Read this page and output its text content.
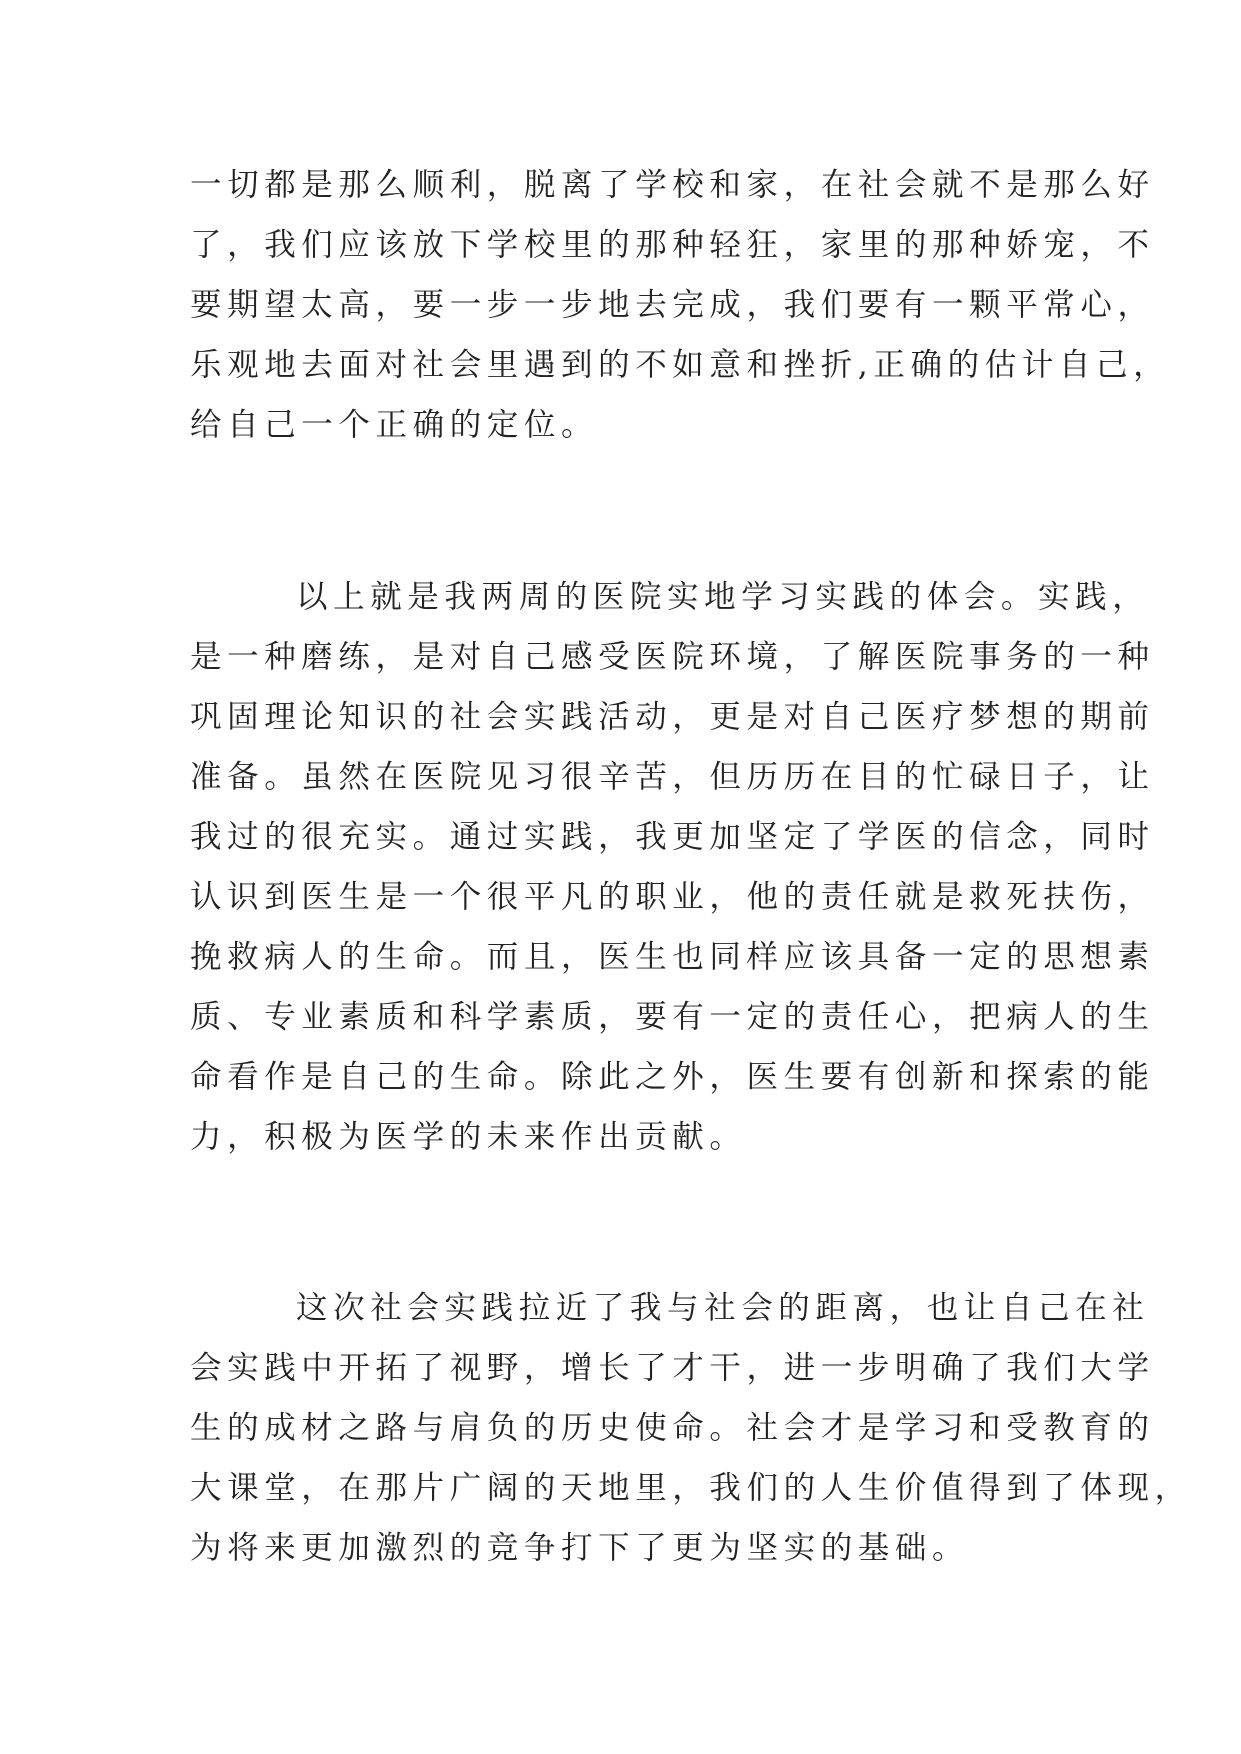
一切都是那么顺利，脱离了学校和家，在社会就不是那么好
了，我们应该放下学校里的那种轻狂，家里的那种娇宠，不
要期望太高，要一步一步地去完成，我们要有一颗平常心，
乐观地去面对社会里遇到的不如意和挫折,正确的估计自己，
给自己一个正确的定位。
以上就是我两周的医院实地学习实践的体会。实践，
是一种磨练，是对自己感受医院环境，了解医院事务的一种
巩固理论知识的社会实践活动，更是对自己医疗梦想的期前
准备。虽然在医院见习很辛苦，但历历在目的忙碌日子，让
我过的很充实。通过实践，我更加坚定了学医的信念，同时
认识到医生是一个很平凡的职业，他的责任就是救死扶伤，
挽救病人的生命。而且，医生也同样应该具备一定的思想素
质、专业素质和科学素质，要有一定的责任心，把病人的生
命看作是自己的生命。除此之外，医生要有创新和探索的能
力，积极为医学的未来作出贡献。
这次社会实践拉近了我与社会的距离，也让自己在社
会实践中开拓了视野，增长了才干，进一步明确了我们大学
生的成材之路与肩负的历史使命。社会才是学习和受教育的
大课堂，在那片广阔的天地里，我们的人生价值得到了体现，
为将来更加激烈的竞争打下了更为坚实的基础。
